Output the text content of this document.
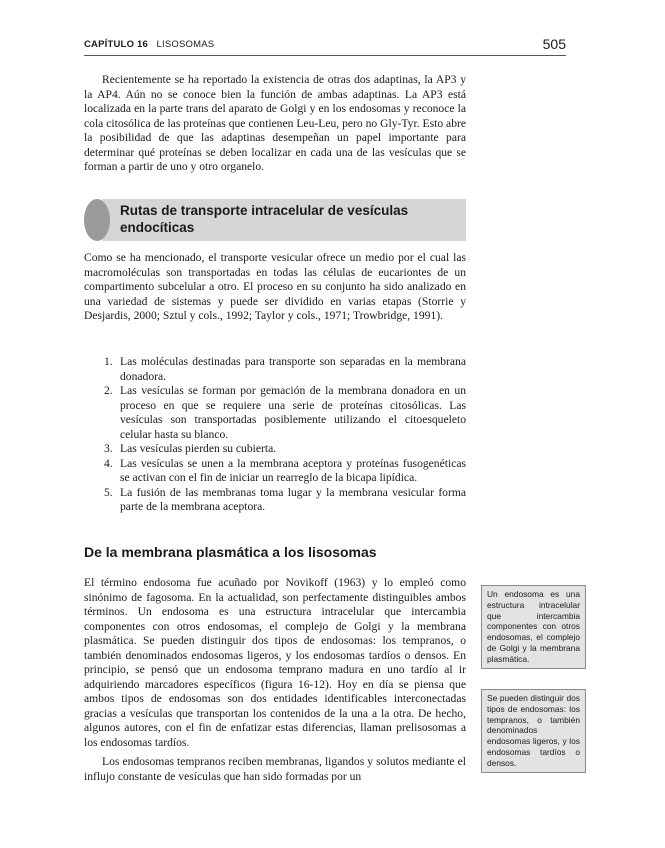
CAPÍTULO 16 LISOSOMAS	505

Recientemente se ha reportado la existencia de otras dos adaptinas, la AP3 y la AP4. Aún no se conoce bien la función de ambas adaptinas. La AP3 está localizada en la parte trans del aparato de Golgi y en los endosomas y reconoce la cola citosólica de las proteínas que contienen Leu-Leu, pero no Gly-Tyr. Esto abre la posibilidad de que las adaptinas desempeñan un papel importante para determinar qué proteínas se deben localizar en cada una de las vesículas que se forman a partir de uno y otro organelo.

Rutas de transporte intracelular de vesículas endocíticas

Como se ha mencionado, el transporte vesicular ofrece un medio por el cual las macromoléculas son transportadas en todas las células de eucariontes de un compartimento subcelular a otro. El proceso en su conjunto ha sido analizado en una variedad de sistemas y puede ser dividido en varias etapas (Storrie y Desjardis, 2000; Sztul y cols., 1992; Taylor y cols., 1971; Trowbridge, 1991).

1. Las moléculas destinadas para transporte son separadas en la membrana donadora.
2. Las vesículas se forman por gemación de la membrana donadora en un proceso en que se requiere una serie de proteínas citosólicas. Las vesículas son transportadas posiblemente utilizando el citoesqueleto celular hasta su blanco.
3. Las vesículas pierden su cubierta.
4. Las vesículas se unen a la membrana aceptora y proteínas fusogenéticas se activan con el fin de iniciar un rearreglo de la bicapa lipídica.
5. La fusión de las membranas toma lugar y la membrana vesicular forma parte de la membrana aceptora.
De la membrana plasmática a los lisosomas

El término endosoma fue acuñado por Novikoff (1963) y lo empleó como sinónimo de fagosoma. En la actualidad, son perfectamente distinguibles ambos términos. Un endosoma es una estructura intracelular que intercambia componentes con otros endosomas, el complejo de Golgi y la membrana plasmática. Se pueden distinguir dos tipos de endosomas: los tempranos, o también denominados endosomas ligeros, y los endosomas tardíos o densos. En principio, se pensó que un endosoma temprano madura en uno tardío al ir adquiriendo marcadores específicos (figura 16-12). Hoy en día se piensa que ambos tipos de endosomas son dos entidades identificables interconectadas gracias a vesículas que transportan los contenidos de la una a la otra. De hecho, algunos autores, con el fin de enfatizar estas diferencias, llaman prelisosomas a los endosomas tardíos.

Los endosomas tempranos reciben membranas, ligandos y solutos mediante el influjo constante de vesículas que han sido formadas por un

Un endosoma es una estructura intracelular que intercambia componentes con otros endosomas, el complejo de Golgi y la membrana plasmática.
Se pueden distinguir dos tipos de endosomas: los tempranos, o también denominados endosomas ligeros, y los endosomas tardíos o densos.
